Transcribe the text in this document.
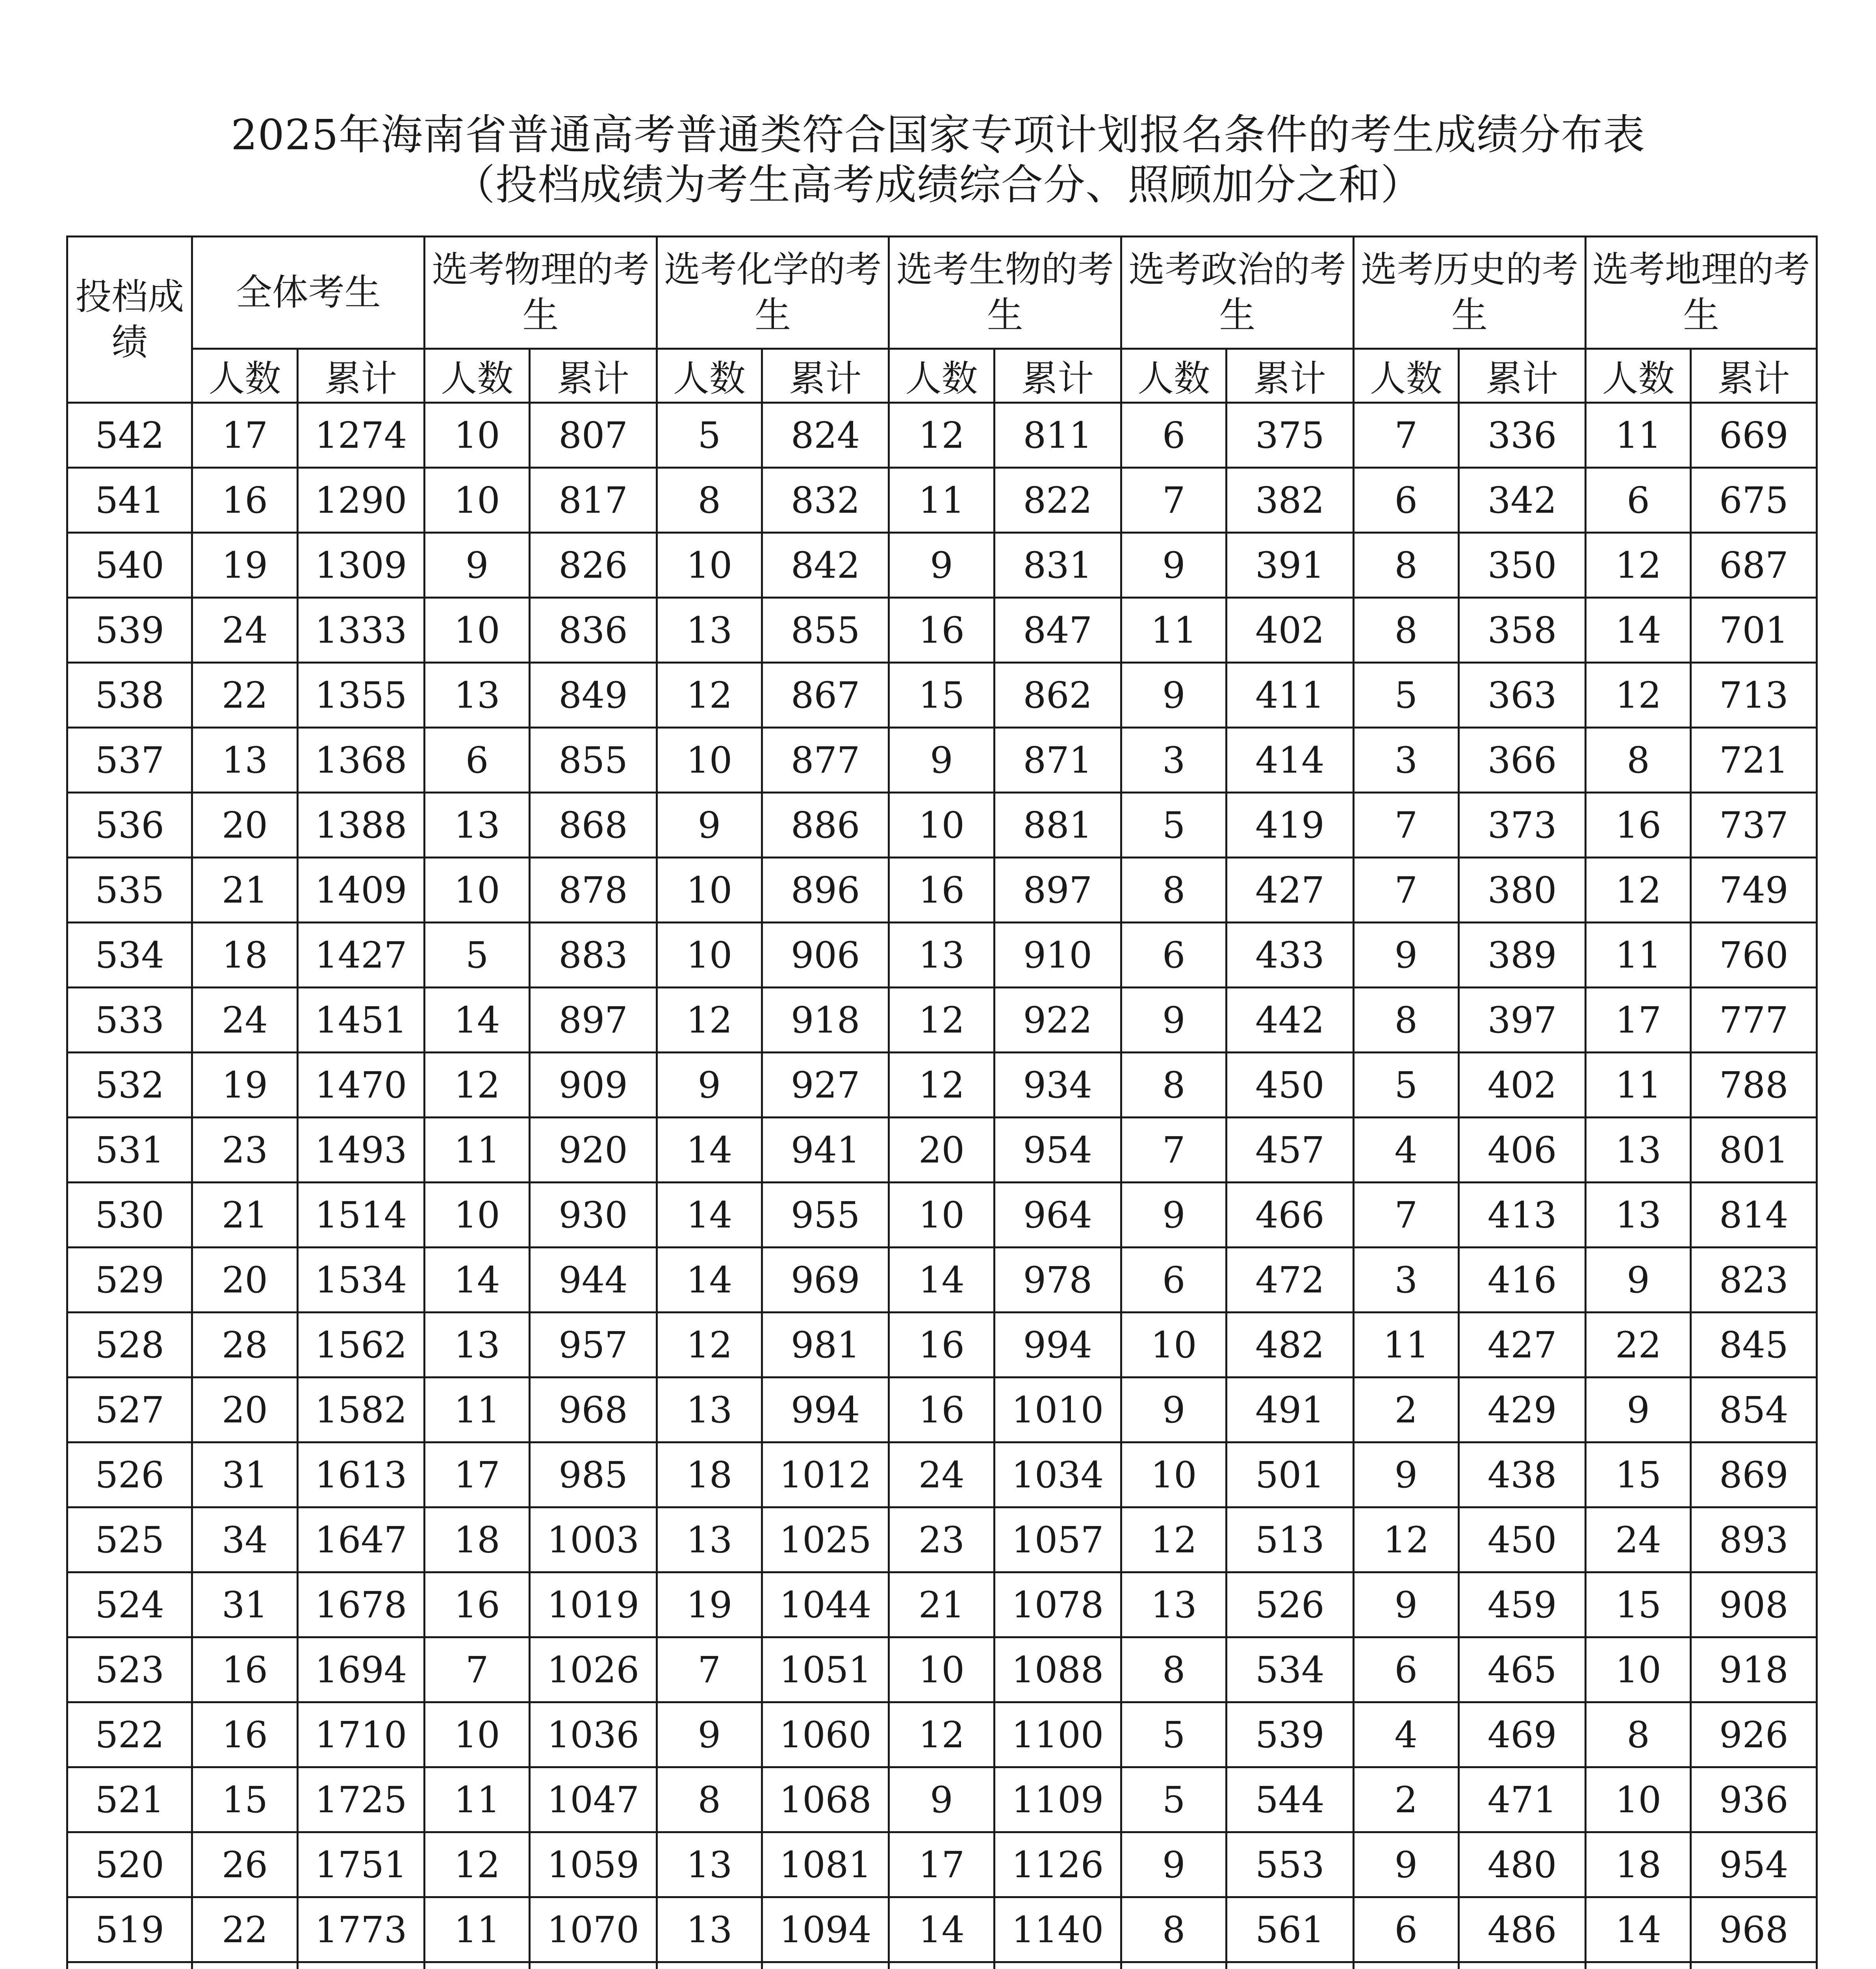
2025年海南省普通高考普通类符合国家专项计划报名条件的考生成绩分布表
（投档成绩为考生高考成绩综合分、照顾加分之和）
投档成绩	全体考生		选考物理的考生		选考化学的考生		选考生物的考生		选考政治的考生		选考历史的考生		选考地理的考生	
	人数	累计	人数	累计	人数	累计	人数	累计	人数	累计	人数	累计	人数	累计
542	17	1274	10	807	5	824	12	811	6	375	7	336	11	669
541	16	1290	10	817	8	832	11	822	7	382	6	342	6	675
540	19	1309	9	826	10	842	9	831	9	391	8	350	12	687
539	24	1333	10	836	13	855	16	847	11	402	8	358	14	701
538	22	1355	13	849	12	867	15	862	9	411	5	363	12	713
537	13	1368	6	855	10	877	9	871	3	414	3	366	8	721
536	20	1388	13	868	9	886	10	881	5	419	7	373	16	737
535	21	1409	10	878	10	896	16	897	8	427	7	380	12	749
534	18	1427	5	883	10	906	13	910	6	433	9	389	11	760
533	24	1451	14	897	12	918	12	922	9	442	8	397	17	777
532	19	1470	12	909	9	927	12	934	8	450	5	402	11	788
531	23	1493	11	920	14	941	20	954	7	457	4	406	13	801
530	21	1514	10	930	14	955	10	964	9	466	7	413	13	814
529	20	1534	14	944	14	969	14	978	6	472	3	416	9	823
528	28	1562	13	957	12	981	16	994	10	482	11	427	22	845
527	20	1582	11	968	13	994	16	1010	9	491	2	429	9	854
526	31	1613	17	985	18	1012	24	1034	10	501	9	438	15	869
525	34	1647	18	1003	13	1025	23	1057	12	513	12	450	24	893
524	31	1678	16	1019	19	1044	21	1078	13	526	9	459	15	908
523	16	1694	7	1026	7	1051	10	1088	8	534	6	465	10	918
522	16	1710	10	1036	9	1060	12	1100	5	539	4	469	8	926
521	15	1725	11	1047	8	1068	9	1109	5	544	2	471	10	936
520	26	1751	12	1059	13	1081	17	1126	9	553	9	480	18	954
519	22	1773	11	1070	13	1094	14	1140	8	561	6	486	14	968
